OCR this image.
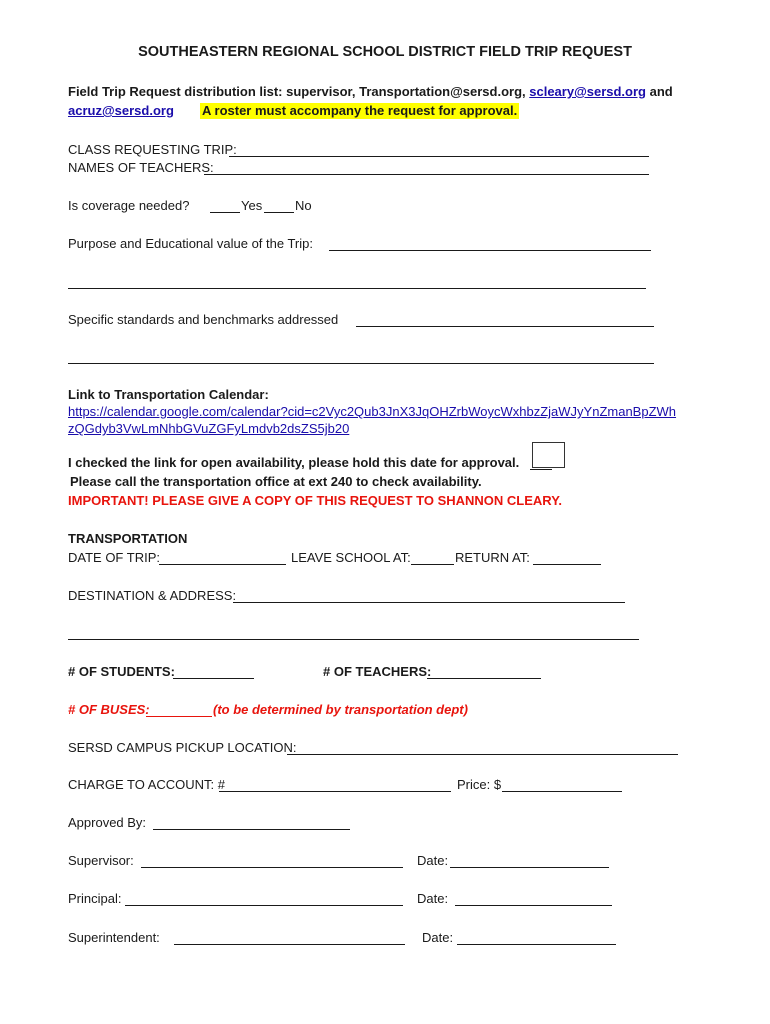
SOUTHEASTERN REGIONAL SCHOOL DISTRICT FIELD TRIP REQUEST
Field Trip Request distribution list: supervisor, Transportation@sersd.org, scleary@sersd.org and
acruz@sersd.org A roster must accompany the request for approval.
CLASS REQUESTING TRIP:
NAMES OF TEACHERS:
Is coverage needed?	Yes	No
Purpose and Educational value of the Trip:
Specific standards and benchmarks addressed
Link to Transportation Calendar:
https://calendar.google.com/calendar?cid=c2Vyc2Qub3JnX3JqOHZrbWoycWxhbzZjaWJyYnZmanBpZWh
zQGdyb3VwLmNhbGVuZGFyLmdvb2dsZS5jb20
I checked the link for open availability, please hold this date for approval.
Please call the transportation office at ext 240 to check availability.
IMPORTANT! PLEASE GIVE A COPY OF THIS REQUEST TO SHANNON CLEARY.
TRANSPORTATION
DATE OF TRIP:	LEAVE SCHOOL AT:	RETURN AT:
DESTINATION & ADDRESS:
# OF STUDENTS:	# OF TEACHERS:
# OF BUSES:	(to be determined by transportation dept)
SERSD CAMPUS PICKUP LOCATION:
CHARGE TO ACCOUNT: #	Price: $
Approved By:
Supervisor:	Date:
Principal:	Date:
Superintendent:	Date:
